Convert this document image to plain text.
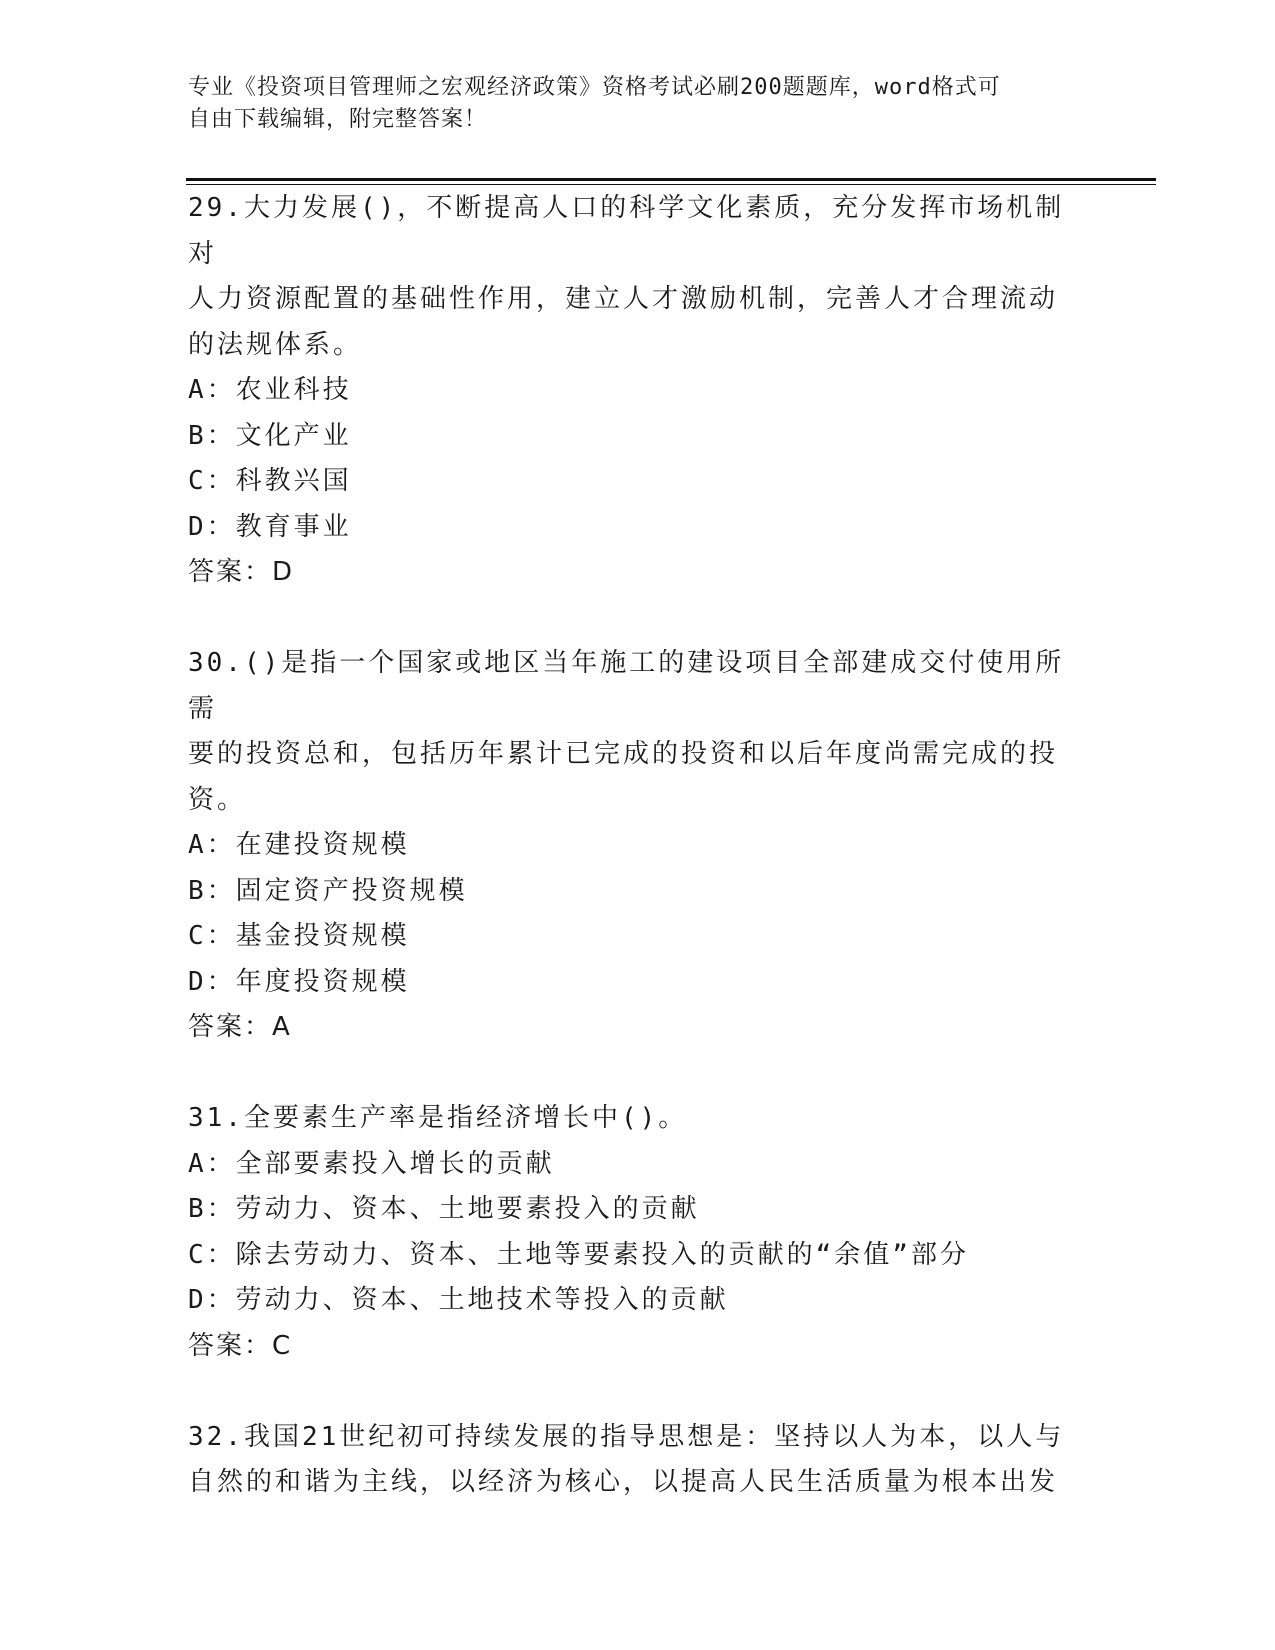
专业《投资项目管理师之宏观经济政策》资格考试必刷200题题库，word格式可
自由下载编辑，附完整答案！
29.大力发展()，不断提高人口的科学文化素质，充分发挥市场机制对
人力资源配置的基础性作用，建立人才激励机制，完善人才合理流动
的法规体系。
A：农业科技
B：文化产业
C：科教兴国
D：教育事业
答案：D
30.()是指一个国家或地区当年施工的建设项目全部建成交付使用所需
要的投资总和，包括历年累计已完成的投资和以后年度尚需完成的投
资。
A：在建投资规模
B：固定资产投资规模
C：基金投资规模
D：年度投资规模
答案：A
31.全要素生产率是指经济增长中()。
A：全部要素投入增长的贡献
B：劳动力、资本、土地要素投入的贡献
C：除去劳动力、资本、土地等要素投入的贡献的“余值”部分
D：劳动力、资本、土地技术等投入的贡献
答案：C
32.我国21世纪初可持续发展的指导思想是：坚持以人为本，以人与
自然的和谐为主线，以经济为核心，以提高人民生活质量为根本出发
